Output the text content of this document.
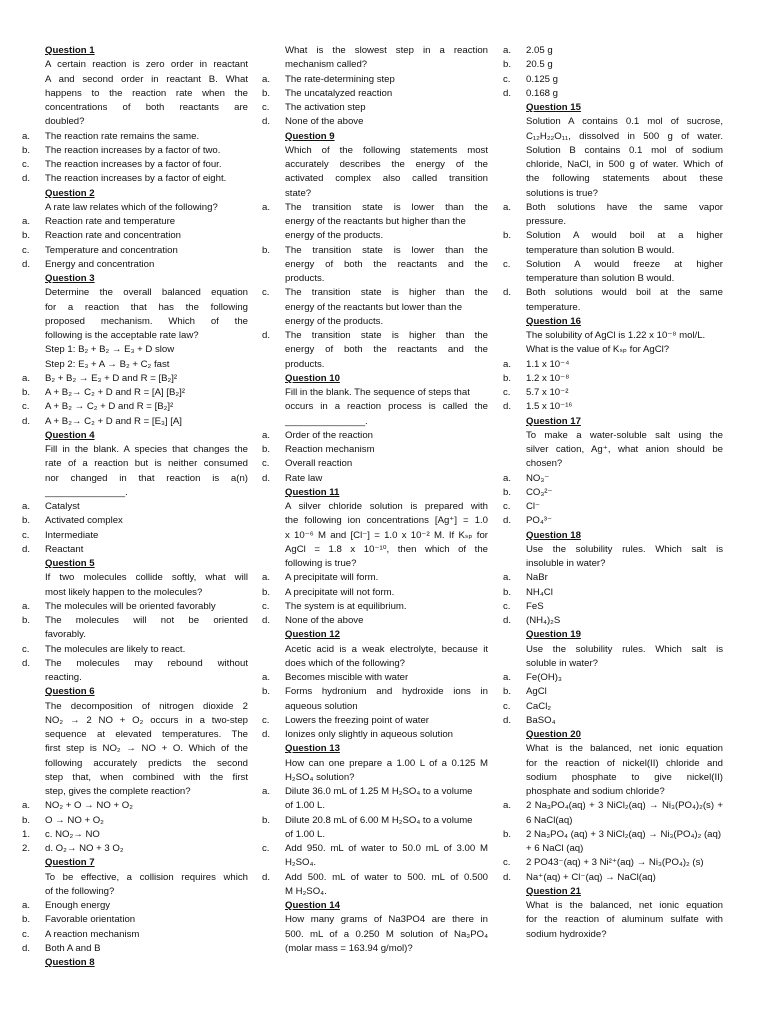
Question 1
A certain reaction is zero order in reactant
A and second order in reactant B. What
happens to the reaction rate when the
concentrations of both reactants are
doubled?
a.	The reaction rate remains the same.
b.	The reaction increases by a factor of two.
c.	The reaction increases by a factor of four.
d.	The reaction increases by a factor of eight.
Question 2
A rate law relates which of the following?
a.	Reaction rate and temperature
b.	Reaction rate and concentration
c.	Temperature and concentration
d.	Energy and concentration
Question 3
Determine the overall balanced equation
for a reaction that has the following
proposed mechanism. Which of the
following is the acceptable rate law?
Step 1: B₂ + B₂ → E₃ + D slow
Step 2: E₃ + A → B₂ + C₂ fast
a.	B₂ + B₂ → E₃ + D and R = [B₂]²
b.	A + B₂→ C₂ + D and R = [A] [B₂]²
c.	A + B₂ → C₂ + D and R = [B₂]²
d.	A + B₂→ C₂ + D and R = [E₃] [A]
Question 4
Fill in the blank. A species that changes the
rate of a reaction but is neither consumed
nor changed in that reaction is a(n)
_______________.
a.	Catalyst
b.	Activated complex
c.	Intermediate
d.	Reactant
Question 5
If two molecules collide softly, what will
most likely happen to the molecules?
a.	The molecules will be oriented favorably
b.	The molecules will not be oriented
favorably.
c.	The molecules are likely to react.
d.	The molecules may rebound without
reacting.
Question 6
The decomposition of nitrogen dioxide 2
NO₂ → 2 NO + O₂ occurs in a two-step
sequence at elevated temperatures. The
first step is NO₂ → NO + O. Which of the
following accurately predicts the second
step that, when combined with the first
step, gives the complete reaction?
a.	NO₂ + O → NO + O₂
b.	O → NO + O₂
1.	c. NO₂→ NO
2.	d. O₂→ NO + 3 O₂
Question 7
To be effective, a collision requires which
of the following?
a.	Enough energy
b.	Favorable orientation
c.	A reaction mechanism
d.	Both A and B
Question 8
What is the slowest step in a reaction
mechanism called?
a.	The rate-determining step
b.	The uncatalyzed reaction
c.	The activation step
d.	None of the above
Question 9
Which of the following statements most
accurately describes the energy of the
activated complex also called transition
state?
a.	The transition state is lower than the
energy of the reactants but higher than the
energy of the products.
b.	The transition state is lower than the
energy of both the reactants and the
products.
c.	The transition state is higher than the
energy of the reactants but lower than the
energy of the products.
d.	The transition state is higher than the
energy of both the reactants and the
products.
Question 10
Fill in the blank. The sequence of steps that
occurs in a reaction process is called the
_______________.
a.	Order of the reaction
b.	Reaction mechanism
c.	Overall reaction
d.	Rate law
Question 11
A silver chloride solution is prepared with
the following ion concentrations [Ag⁺] = 1.0
x 10⁻⁶ M and [Cl⁻] = 1.0 x 10⁻² M. If Kₛₚ for
AgCl = 1.8 x 10⁻¹⁰, then which of the
following is true?
a.	A precipitate will form.
b.	A precipitate will not form.
c.	The system is at equilibrium.
d.	None of the above
Question 12
Acetic acid is a weak electrolyte, because it
does which of the following?
a.	Becomes miscible with water
b.	Forms hydronium and hydroxide ions in
aqueous solution
c.	Lowers the freezing point of water
d.	Ionizes only slightly in aqueous solution
Question 13
How can one prepare a 1.00 L of a 0.125 M
H₂SO₄ solution?
a.	Dilute 36.0 mL of 1.25 M H₂SO₄ to a volume
of 1.00 L.
b.	Dilute 20.8 mL of 6.00 M H₂SO₄ to a volume
of 1.00 L.
c.	Add 950. mL of water to 50.0 mL of 3.00 M
H₂SO₄.
d.	Add 500. mL of water to 500. mL of 0.500
M H₂SO₄.
Question 14
How many grams of Na3PO4 are there in
500. mL of a 0.250 M solution of Na₃PO₄
(molar mass = 163.94 g/mol)?
a.	2.05 g
b.	20.5 g
c.	0.125 g
d.	0.168 g
Question 15
Solution A contains 0.1 mol of sucrose,
C₁₂H₂₂O₁₁, dissolved in 500 g of water.
Solution B contains 0.1 mol of sodium
chloride, NaCl, in 500 g of water. Which of
the following statements about these
solutions is true?
a.	Both solutions have the same vapor
pressure.
b.	Solution A would boil at a higher
temperature than solution B would.
c.	Solution A would freeze at higher
temperature than solution B would.
d.	Both solutions would boil at the same
temperature.
Question 16
The solubility of AgCl is 1.22 x 10⁻⁸ mol/L.
What is the value of Kₛₚ for AgCl?
a.	1.1 x 10⁻⁴
b.	1.2 x 10⁻⁸
c.	5.7 x 10⁻²
d.	1.5 x 10⁻¹⁶
Question 17
To make a water-soluble salt using the
silver cation, Ag⁺, what anion should be
chosen?
a.	NO₃⁻
b.	CO₃²⁻
c.	Cl⁻
d.	PO₄³⁻
Question 18
Use the solubility rules. Which salt is
insoluble in water?
a.	NaBr
b.	NH₄Cl
c.	FeS
d.	(NH₄)₂S
Question 19
Use the solubility rules. Which salt is
soluble in water?
a.	Fe(OH)₃
b.	AgCl
c.	CaCl₂
d.	BaSO₄
Question 20
What is the balanced, net ionic equation
for the reaction of nickel(II) chloride and
sodium phosphate to give nickel(II)
phosphate and sodium chloride?
a.	2 Na₃PO₄(aq) + 3 NiCl₂(aq) → Ni₃(PO₄)₂(s) +
6 NaCl(aq)
b.	2 Na₃PO₄ (aq) + 3 NiCl₂(aq) → Ni₃(PO₄)₂ (aq)
+ 6 NaCl (aq)
c.	2 PO43⁻(aq) + 3 Ni²⁺(aq) → Ni₃(PO₄)₂ (s)
d.	Na⁺(aq) + Cl⁻(aq) → NaCl(aq)
Question 21
What is the balanced, net ionic equation
for the reaction of aluminum sulfate with
sodium hydroxide?
